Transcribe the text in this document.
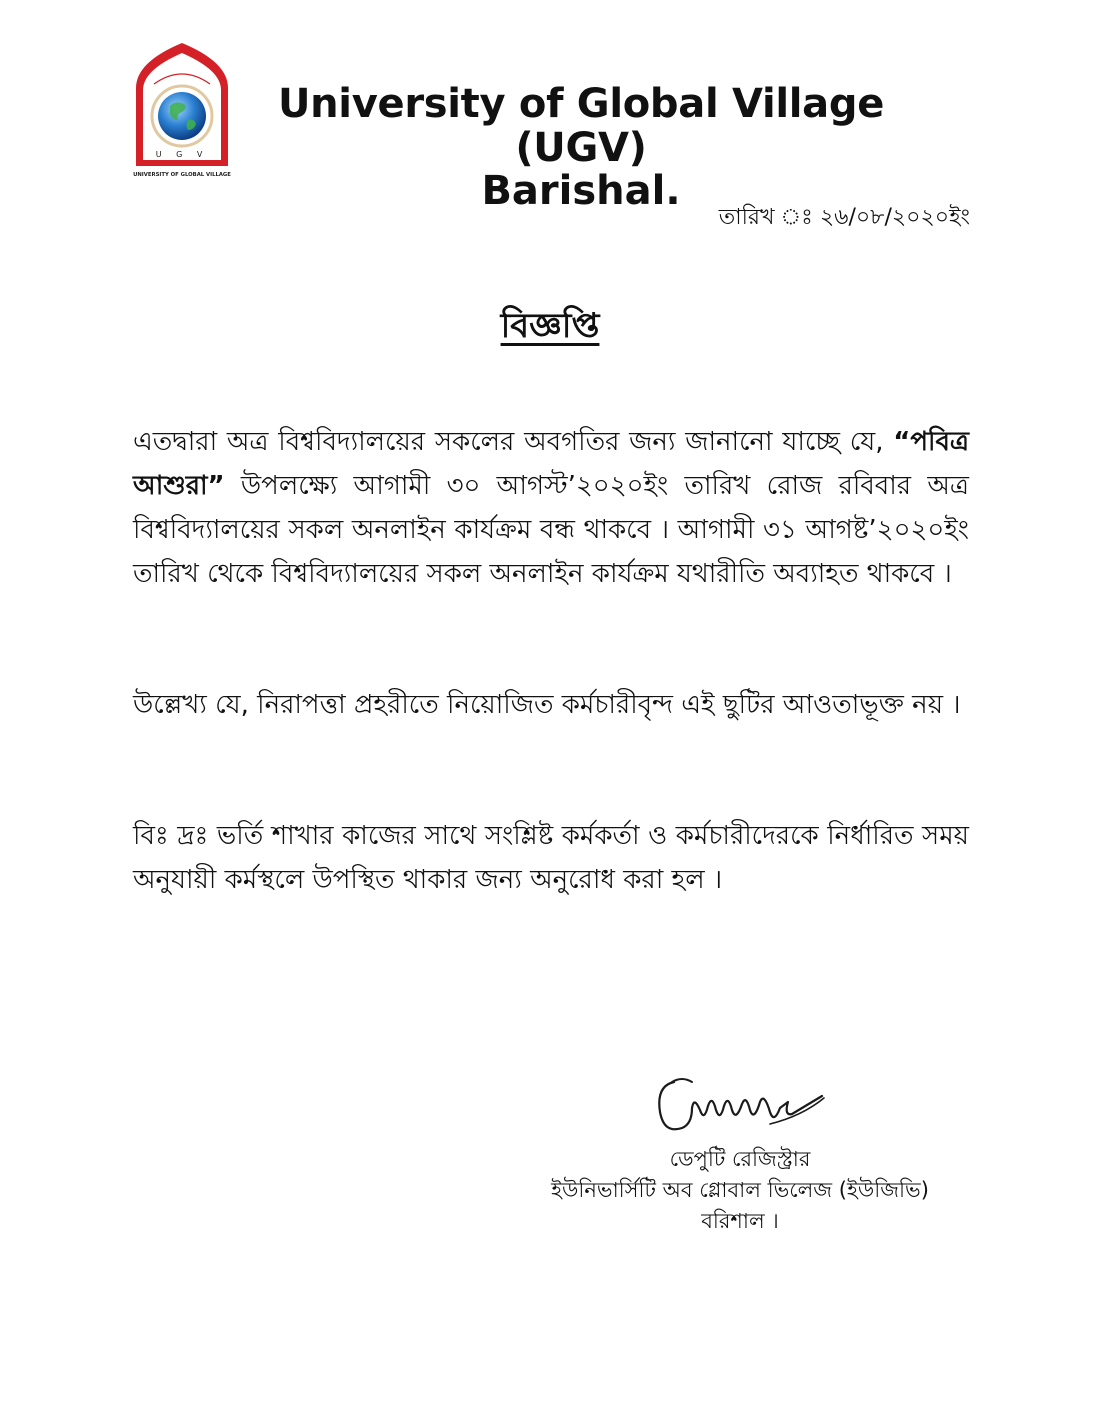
U G V
UNIVERSITY OF GLOBAL VILLAGE
University of Global Village (UGV)
Barishal.
তারিখ ঃ ২৬/০৮/২০২০ইং
বিজ্ঞপ্তি
এতদ্বারা অত্র বিশ্ববিদ্যালয়ের সকলের অবগতির জন্য জানানো যাচ্ছে যে, “পবিত্র আশুরা” উপলক্ষ্যে আগামী ৩০ আগস্ট’২০২০ইং তারিখ রোজ রবিবার অত্র বিশ্ববিদ্যালয়ের সকল অনলাইন কার্যক্রম বন্ধ থাকবে । আগামী ৩১ আগষ্ট’২০২০ইং তারিখ থেকে বিশ্ববিদ্যালয়ের সকল অনলাইন কার্যক্রম যথারীতি অব্যাহত থাকবে ।
উল্লেখ্য যে, নিরাপত্তা প্রহরীতে নিয়োজিত কর্মচারীবৃন্দ এই ছুটির আওতাভূক্ত নয় ।
বিঃ দ্রঃ ভর্তি শাখার কাজের সাথে সংশ্লিষ্ট কর্মকর্তা ও কর্মচারীদেরকে নির্ধারিত সময় অনুযায়ী কর্মস্থলে উপস্থিত থাকার জন্য অনুরোধ করা হল ।
ডেপুটি রেজিস্ট্রার
ইউনিভার্সিটি অব গ্লোবাল ভিলেজ (ইউজিভি)
বরিশাল ।
